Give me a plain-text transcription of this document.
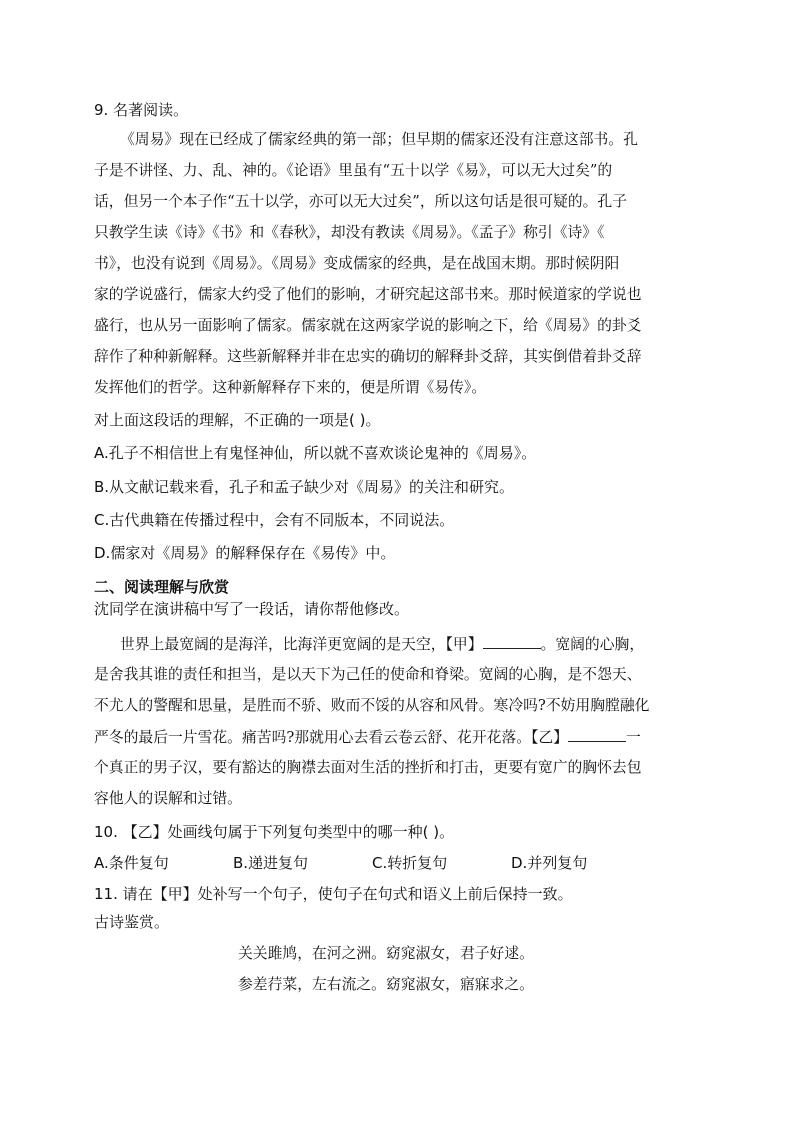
9. 名著阅读。
《周易》现在已经成了儒家经典的第一部；但早期的儒家还没有注意这部书。孔
子是不讲怪、力、乱、神的。《论语》里虽有“五十以学《易》，可以无大过矣”的
话，但另一个本子作“五十以学，亦可以无大过矣”，所以这句话是很可疑的。孔子
只教学生读《诗》《书》和《春秋》，却没有教读《周易》。《孟子》称引《诗》《
书》，也没有说到《周易》。《周易》变成儒家的经典，是在战国末期。那时候阴阳
家的学说盛行，儒家大约受了他们的影响，才研究起这部书来。那时候道家的学说也
盛行，也从另一面影响了儒家。儒家就在这两家学说的影响之下，给《周易》的卦爻
辞作了种种新解释。这些新解释并非在忠实的确切的解释卦爻辞，其实倒借着卦爻辞
发挥他们的哲学。这种新解释存下来的，便是所谓《易传》。
对上面这段话的理解，不正确的一项是( )。
A.孔子不相信世上有鬼怪神仙，所以就不喜欢谈论鬼神的《周易》。
B.从文献记载来看，孔子和孟子缺少对《周易》的关注和研究。
C.古代典籍在传播过程中，会有不同版本，不同说法。
D.儒家对《周易》的解释保存在《易传》中。
二、阅读理解与欣赏
沈同学在演讲稿中写了一段话，请你帮他修改。
世界上最宽阔的是海洋，比海洋更宽阔的是天空，【甲】	。宽阔的心胸，
是舍我其谁的责任和担当，是以天下为己任的使命和脊梁。宽阔的心胸，是不怨天、
不尤人的警醒和思量，是胜而不骄、败而不馁的从容和风骨。寒冷吗?不妨用胸膛融化
严冬的最后一片雪花。痛苦吗?那就用心去看云卷云舒、花开花落。【乙】	一
个真正的男子汉，要有豁达的胸襟去面对生活的挫折和打击，更要有宽广的胸怀去包
容他人的误解和过错。
10. 【乙】处画线句属于下列复句类型中的哪一种( )。
A.条件复句	B.递进复句	C.转折复句	D.并列复句
11. 请在【甲】处补写一个句子，使句子在句式和语义上前后保持一致。
古诗鉴赏。
关关雎鸠，在河之洲。窈窕淑女，君子好逑。
参差荇菜，左右流之。窈窕淑女，寤寐求之。
